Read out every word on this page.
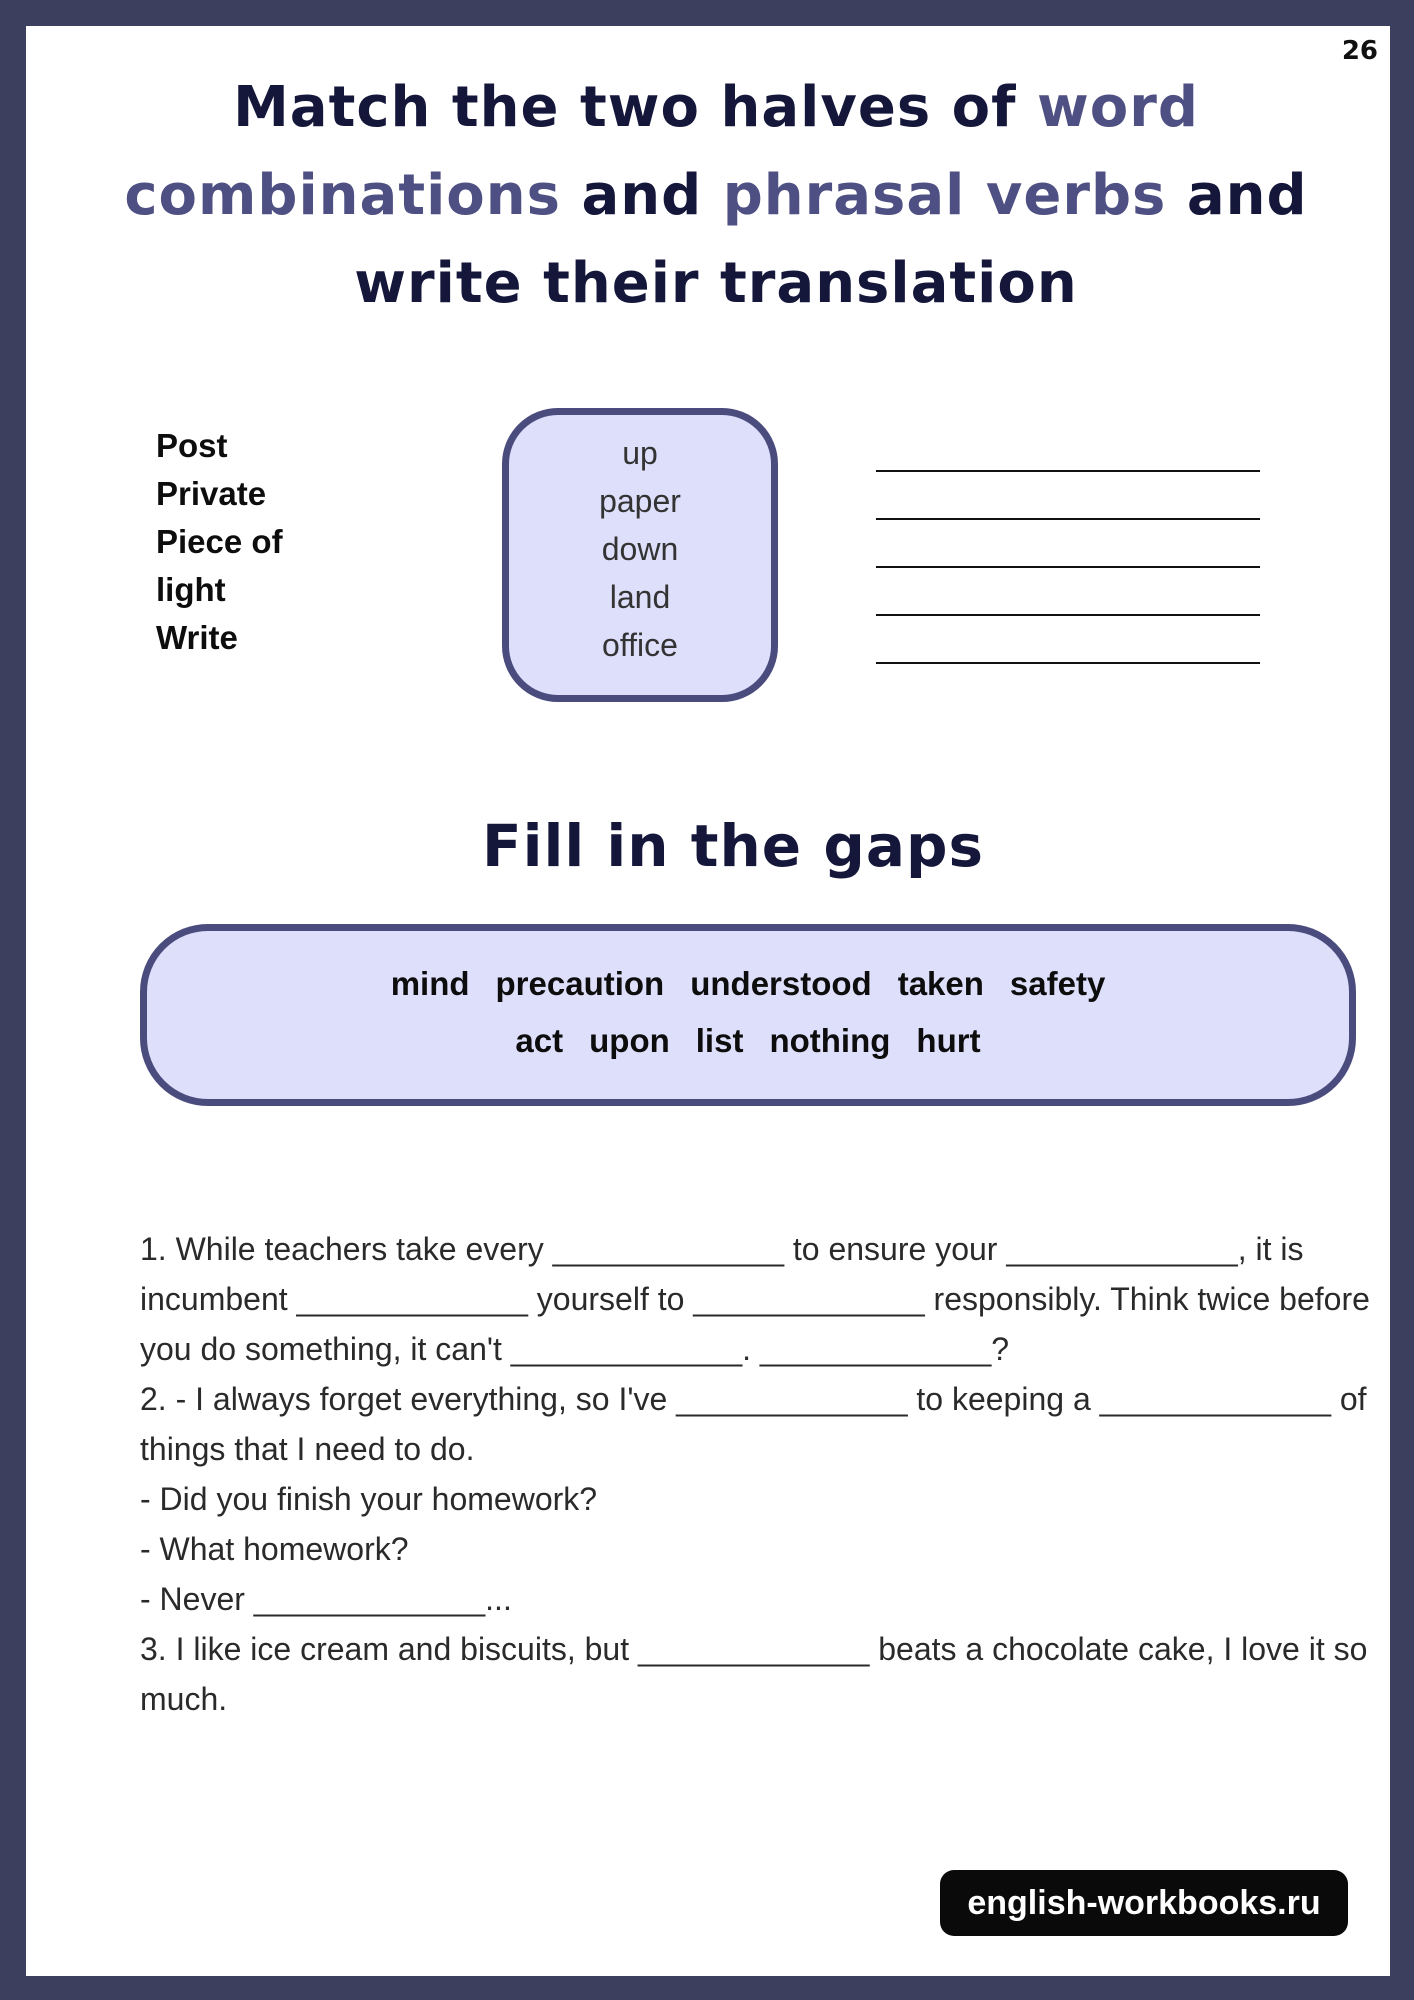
26
Match the two halves of word combinations and phrasal verbs and write their translation
Post
Private
Piece of
light
Write
up
paper
down
land
office
Fill in the gaps
mind precaution understood taken safety
act upon list nothing hurt

1. While teachers take every _____________ to ensure your _____________, it is incumbent _____________ yourself to _____________ responsibly. Think twice before you do something, it can't _____________. _____________?

2. - I always forget everything, so I've _____________ to keeping a _____________ of things that I need to do.

- Did you finish your homework?

- What homework?

- Never _____________...

3. I like ice cream and biscuits, but _____________ beats a chocolate cake, I love it so much.

english-workbooks.ru
